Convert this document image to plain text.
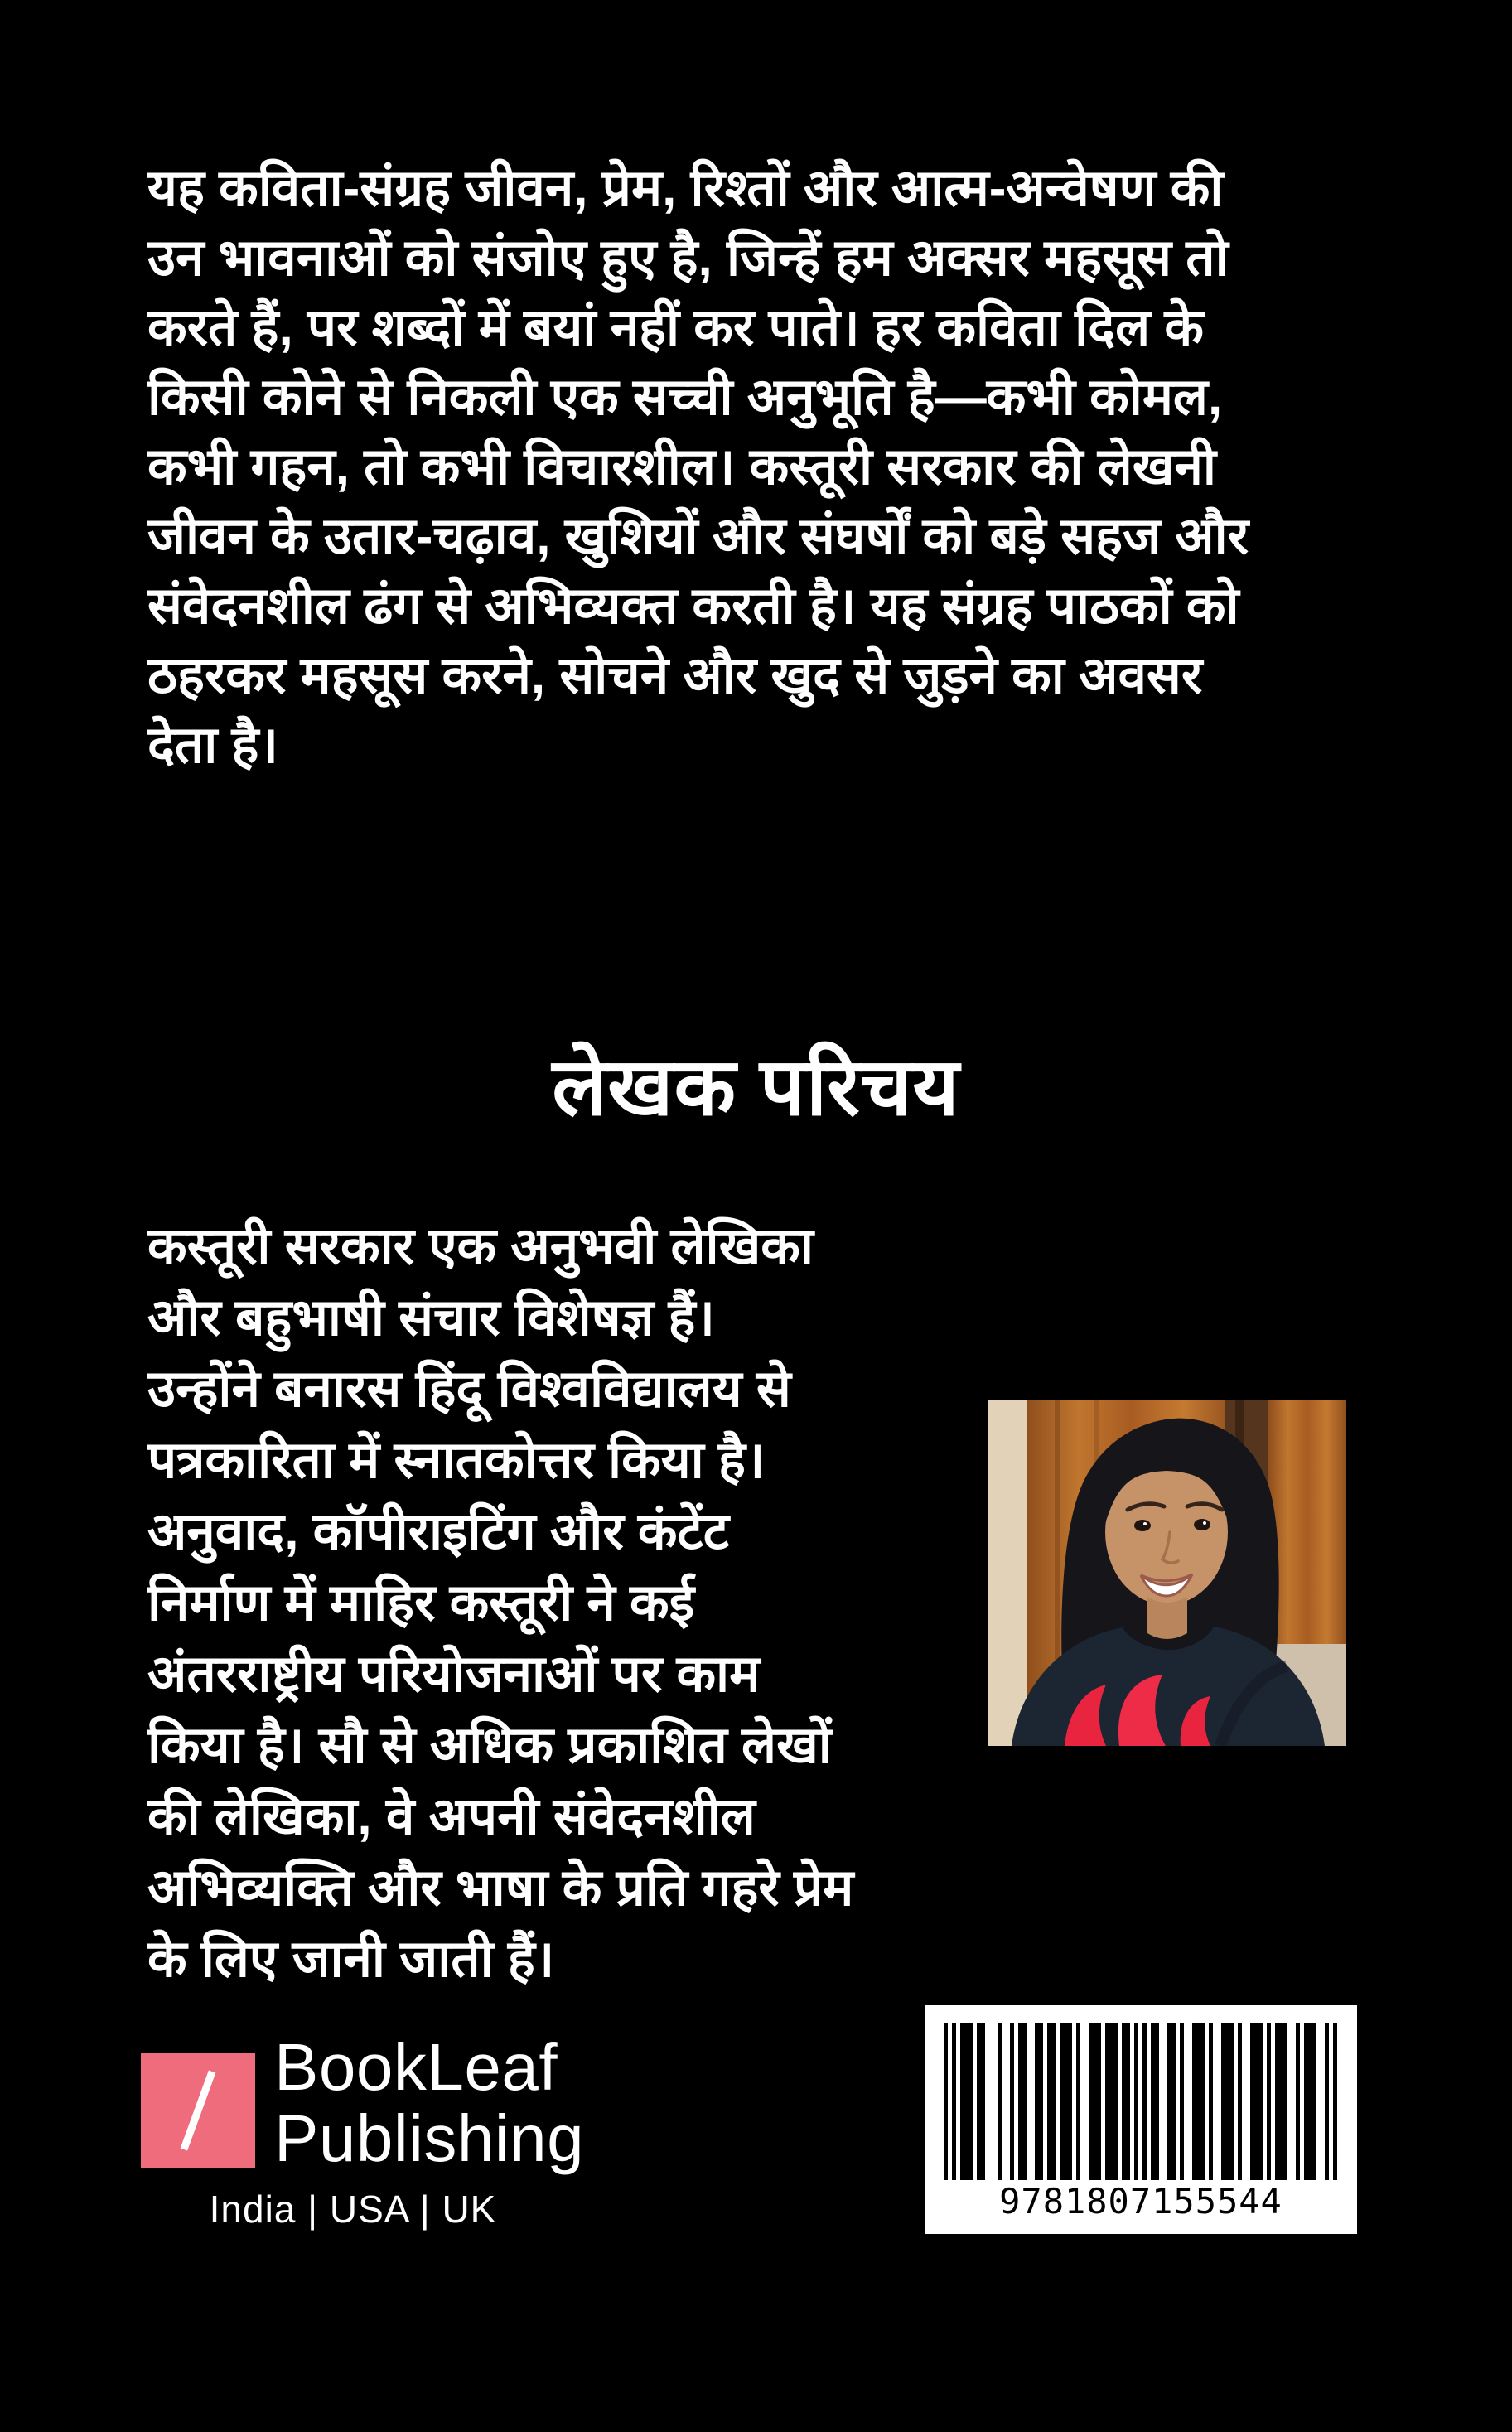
यह कविता-संग्रह जीवन, प्रेम, रिश्तों और आत्म-अन्वेषण की
उन भावनाओं को संजोए हुए है, जिन्हें हम अक्सर महसूस तो
करते हैं, पर शब्दों में बयां नहीं कर पाते। हर कविता दिल के
किसी कोने से निकली एक सच्ची अनुभूति है—कभी कोमल,
कभी गहन, तो कभी विचारशील। कस्तूरी सरकार की लेखनी
जीवन के उतार-चढ़ाव, खुशियों और संघर्षों को बड़े सहज और
संवेदनशील ढंग से अभिव्यक्त करती है। यह संग्रह पाठकों को
ठहरकर महसूस करने, सोचने और खुद से जुड़ने का अवसर
देता है।
लेखक परिचय
कस्तूरी सरकार एक अनुभवी लेखिका
और बहुभाषी संचार विशेषज्ञ हैं।
उन्होंने बनारस हिंदू विश्वविद्यालय से
पत्रकारिता में स्नातकोत्तर किया है।
अनुवाद, कॉपीराइटिंग और कंटेंट
निर्माण में माहिर कस्तूरी ने कई
अंतरराष्ट्रीय परियोजनाओं पर काम
किया है। सौ से अधिक प्रकाशित लेखों
की लेखिका, वे अपनी संवेदनशील
अभिव्यक्ति और भाषा के प्रति गहरे प्रेम
के लिए जानी जाती हैं।
BookLeaf
Publishing
India | USA | UK	9781807155544
